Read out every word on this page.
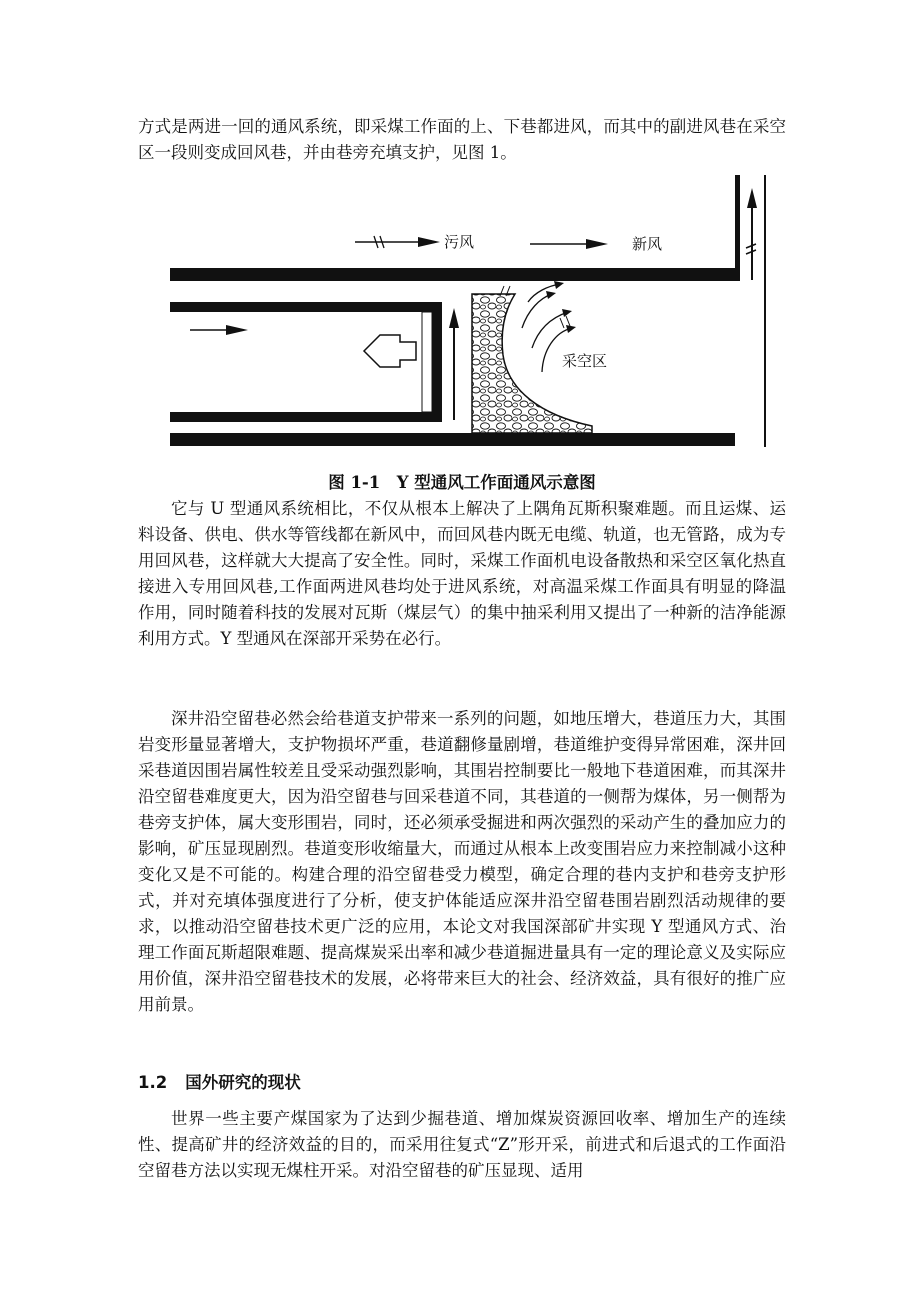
方式是两进一回的通风系统，即采煤工作面的上、下巷都进风，而其中的副进风巷在采空区一段则变成回风巷，并由巷旁充填支护，见图 1。

污风	新风
采空区
图 1-1　Y 型通风工作面通风示意图

它与 U 型通风系统相比，不仅从根本上解决了上隅角瓦斯积聚难题。而且运煤、运料设备、供电、供水等管线都在新风中，而回风巷内既无电缆、轨道，也无管路，成为专用回风巷，这样就大大提高了安全性。同时，采煤工作面机电设备散热和采空区氧化热直接进入专用回风巷,工作面两进风巷均处于进风系统，对高温采煤工作面具有明显的降温作用，同时随着科技的发展对瓦斯（煤层气）的集中抽采利用又提出了一种新的洁净能源利用方式。Y 型通风在深部开采势在必行。

深井沿空留巷必然会给巷道支护带来一系列的问题，如地压增大，巷道压力大，其围岩变形量显著增大，支护物损坏严重，巷道翻修量剧增，巷道维护变得异常困难，深井回采巷道因围岩属性较差且受采动强烈影响，其围岩控制要比一般地下巷道困难，而其深井沿空留巷难度更大，因为沿空留巷与回采巷道不同，其巷道的一侧帮为煤体，另一侧帮为巷旁支护体，属大变形围岩，同时，还必须承受掘进和两次强烈的采动产生的叠加应力的影响，矿压显现剧烈。巷道变形收缩量大，而通过从根本上改变围岩应力来控制减小这种变化又是不可能的。构建合理的沿空留巷受力模型，确定合理的巷内支护和巷旁支护形式，并对充填体强度进行了分析，使支护体能适应深井沿空留巷围岩剧烈活动规律的要求，以推动沿空留巷技术更广泛的应用，本论文对我国深部矿井实现 Y 型通风方式、治理工作面瓦斯超限难题、提高煤炭采出率和减少巷道掘进量具有一定的理论意义及实际应用价值，深井沿空留巷技术的发展，必将带来巨大的社会、经济效益，具有很好的推广应用前景。

1.2 国外研究的现状

世界一些主要产煤国家为了达到少掘巷道、增加煤炭资源回收率、增加生产的连续性、提高矿井的经济效益的目的，而采用往复式“Z”形开采，前进式和后退式的工作面沿空留巷方法以实现无煤柱开采。对沿空留巷的矿压显现、适用
